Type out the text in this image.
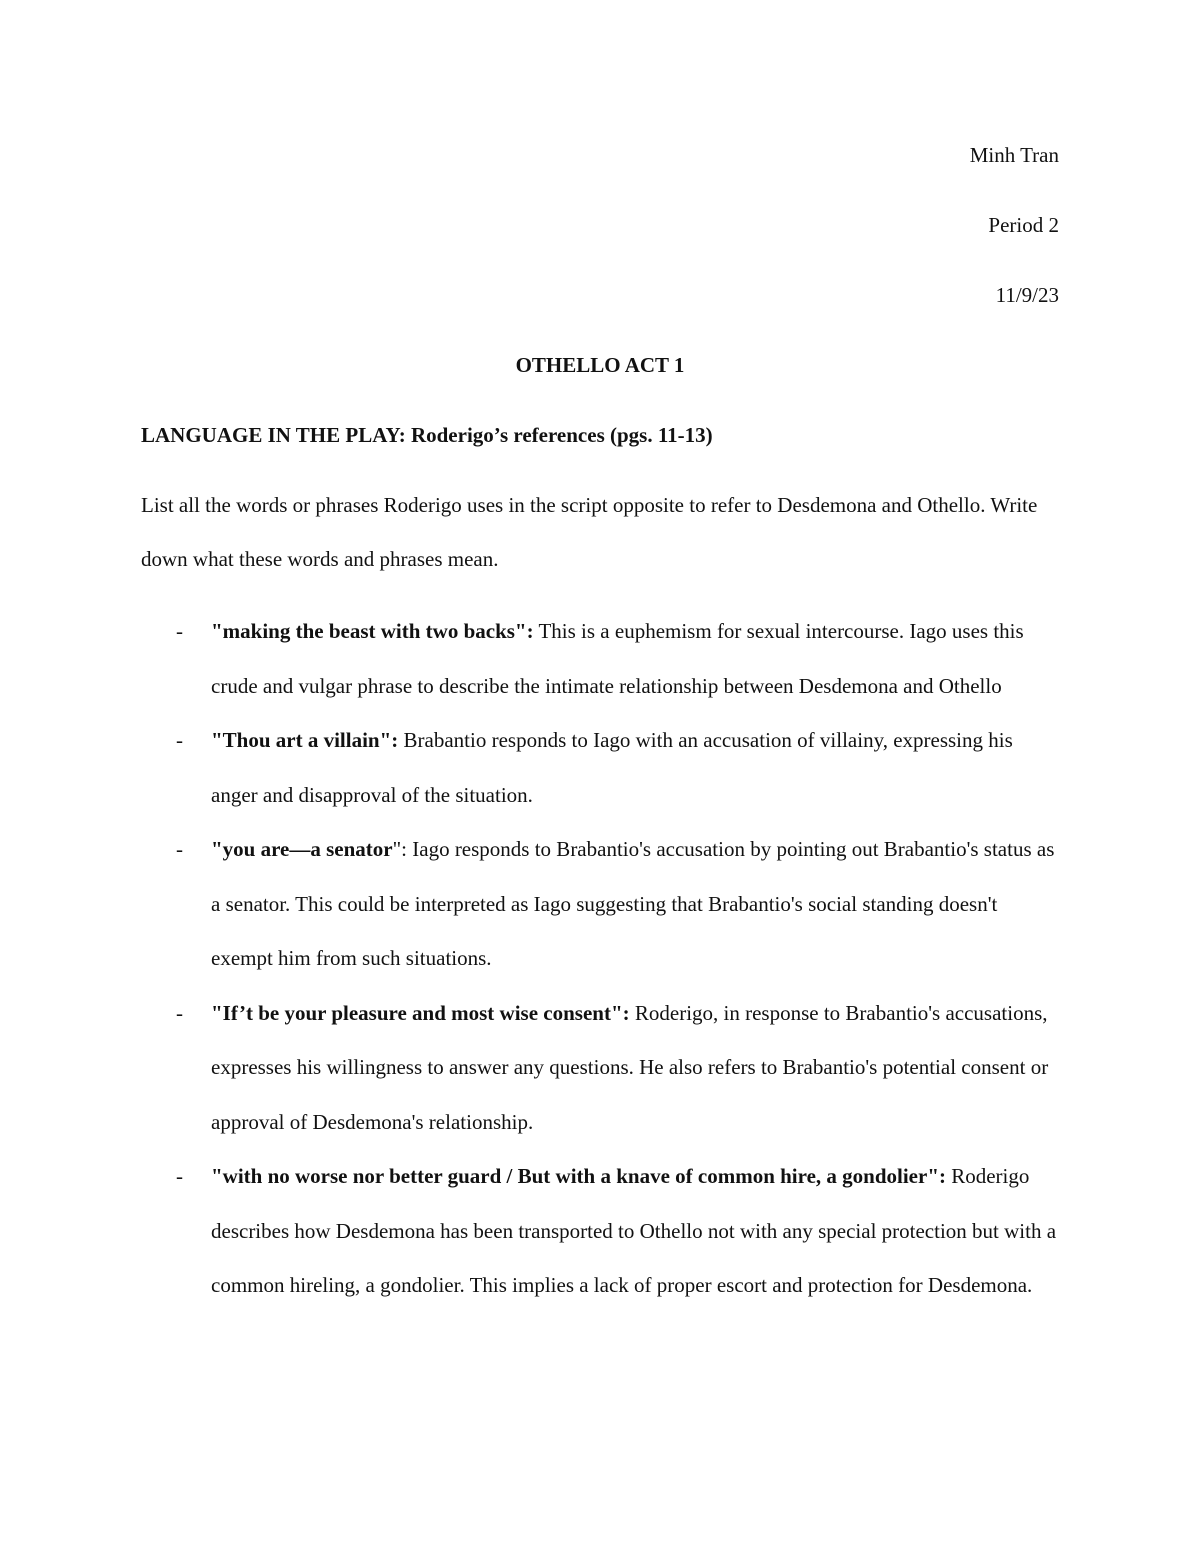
Minh Tran
Period 2
11/9/23
OTHELLO ACT 1
LANGUAGE IN THE PLAY: Roderigo’s references (pgs. 11-13)

List all the words or phrases Roderigo uses in the script opposite to refer to Desdemona and Othello. Write down what these words and phrases mean.

- "making the beast with two backs": This is a euphemism for sexual intercourse. Iago uses this crude and vulgar phrase to describe the intimate relationship between Desdemona and Othello
- "Thou art a villain": Brabantio responds to Iago with an accusation of villainy, expressing his anger and disapproval of the situation.
- "you are—a senator": Iago responds to Brabantio's accusation by pointing out Brabantio's status as a senator. This could be interpreted as Iago suggesting that Brabantio's social standing doesn't exempt him from such situations.
- "If’t be your pleasure and most wise consent": Roderigo, in response to Brabantio's accusations, expresses his willingness to answer any questions. He also refers to Brabantio's potential consent or approval of Desdemona's relationship.
- "with no worse nor better guard / But with a knave of common hire, a gondolier": Roderigo describes how Desdemona has been transported to Othello not with any special protection but with a common hireling, a gondolier. This implies a lack of proper escort and protection for Desdemona.
